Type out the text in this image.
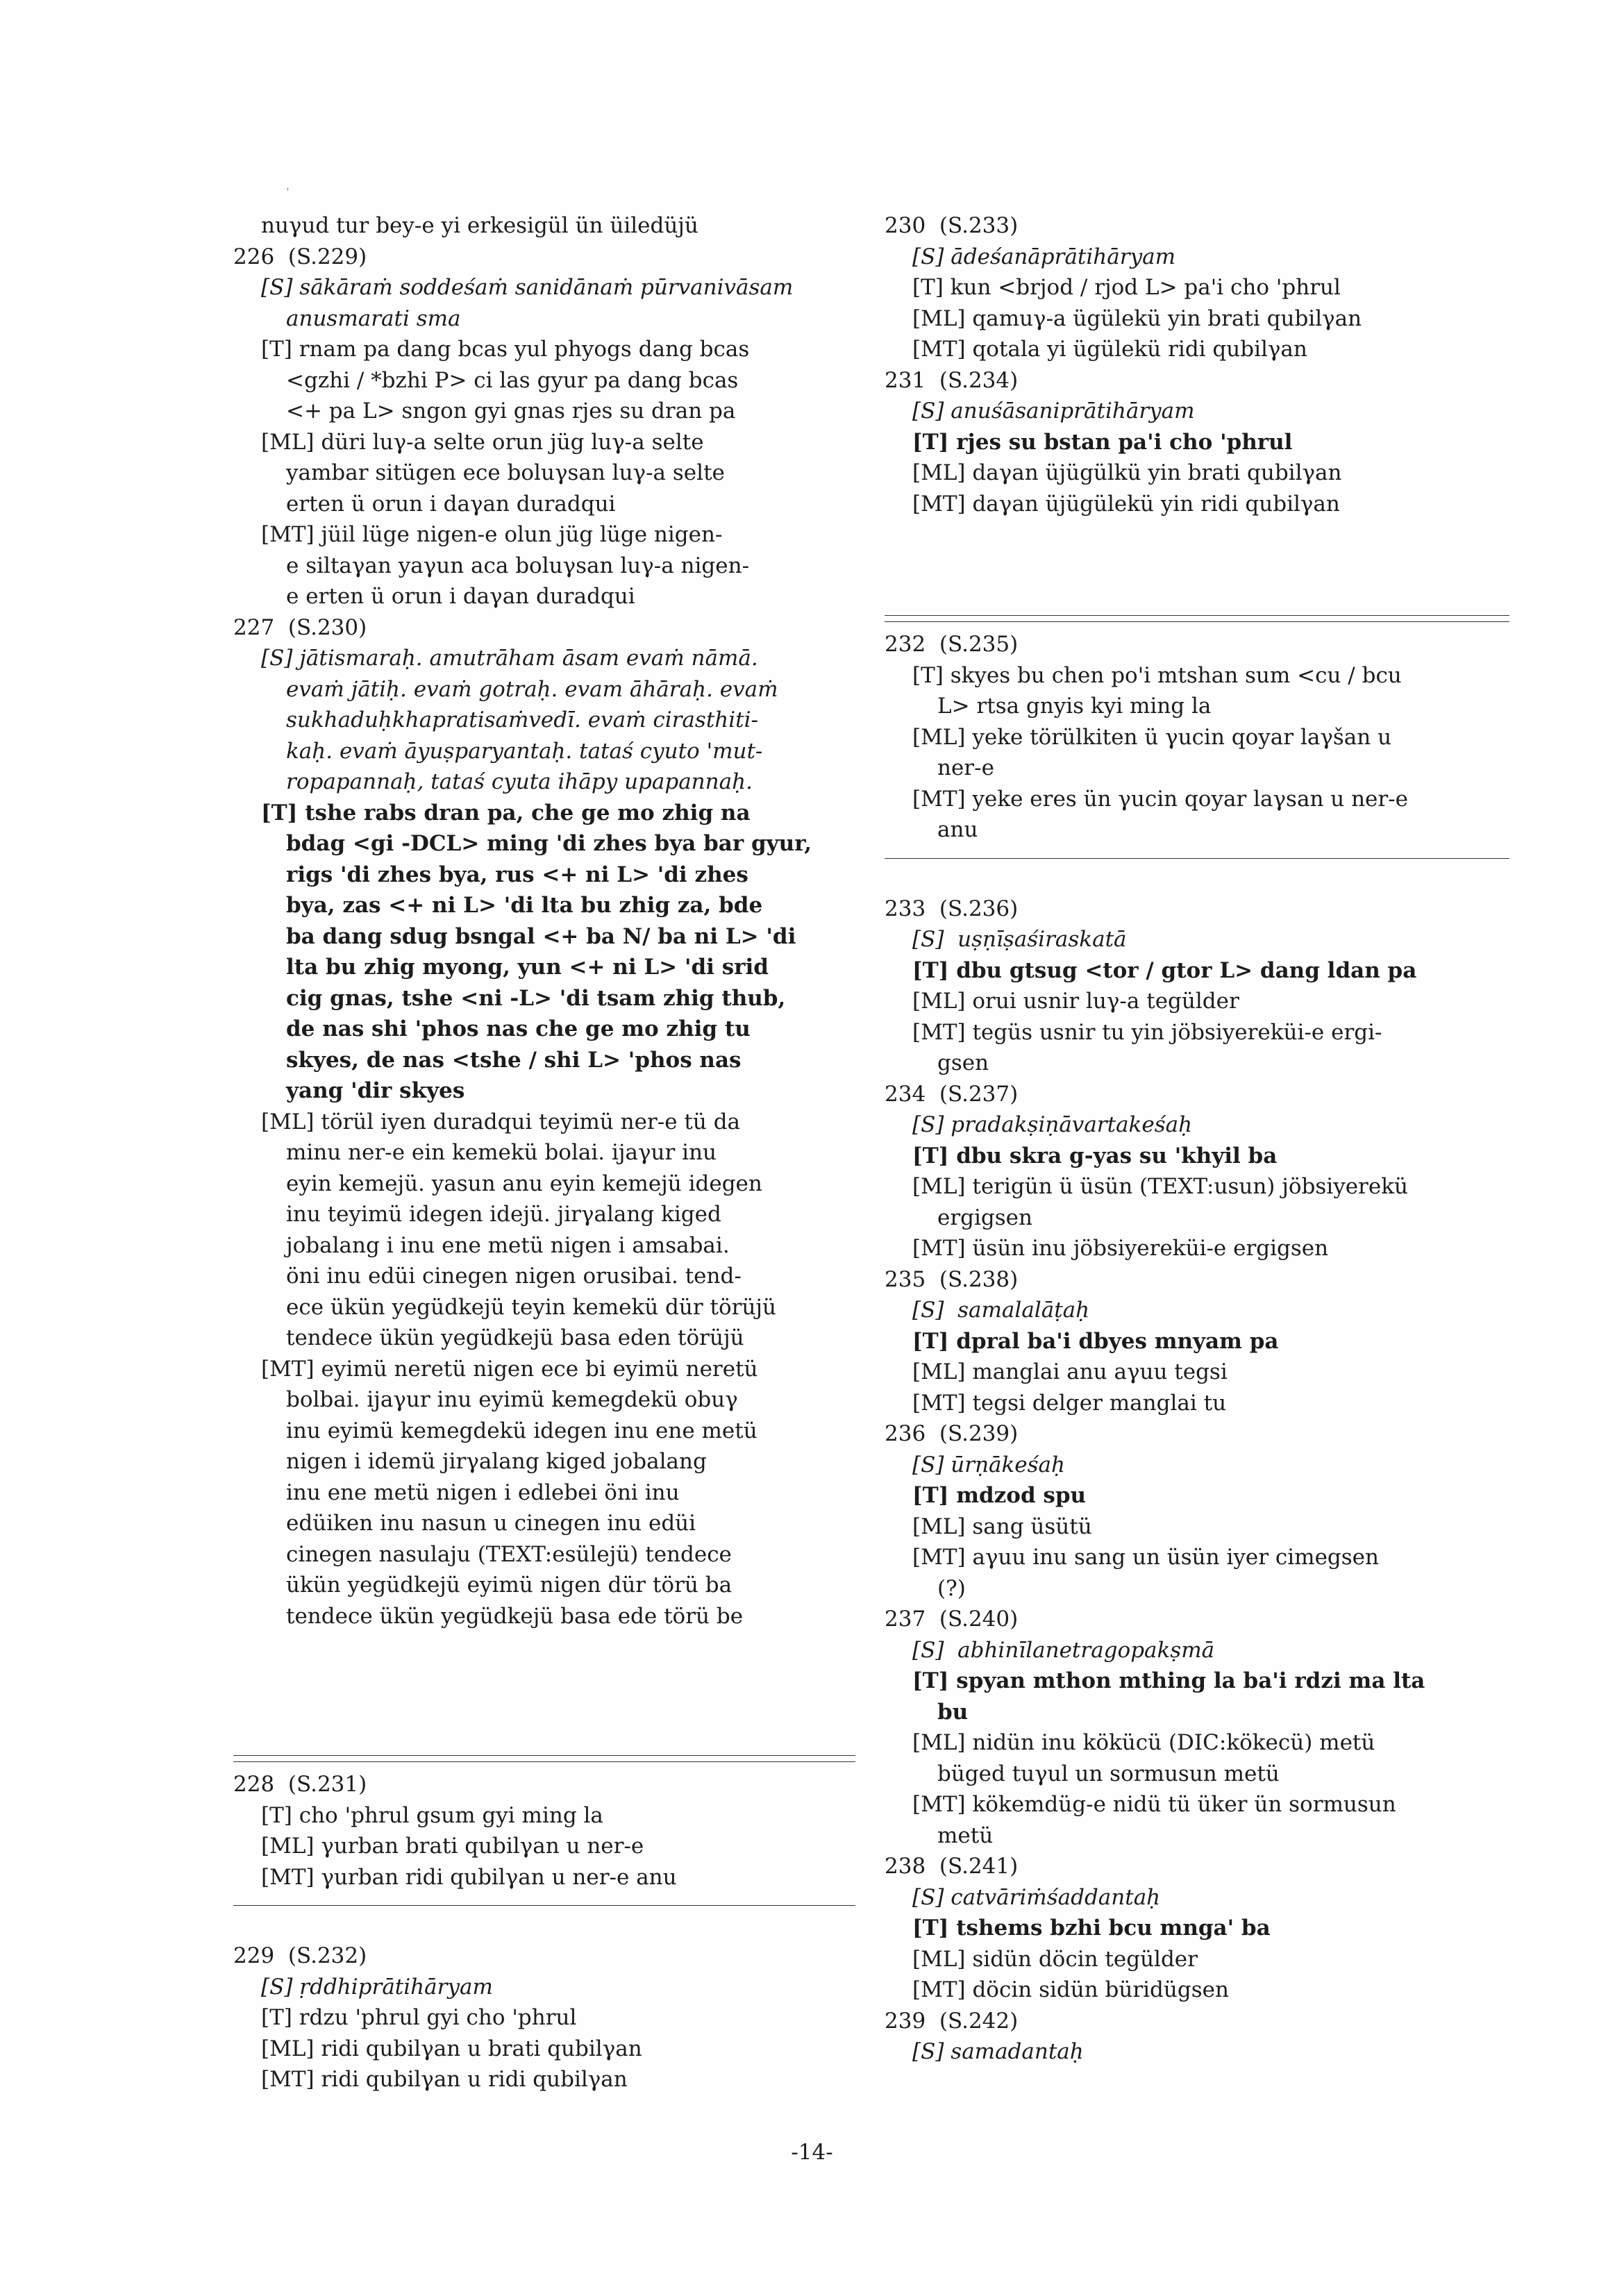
'
nuγud tur bey-e yi erkesigül ün üiledüjü
226  (S.229)
[S] sākāraṁ soddeśaṁ sanidānaṁ pūrvanivāsam
anusmarati sma
[T] rnam pa dang bcas yul phyogs dang bcas
<gzhi / *bzhi P> ci las gyur pa dang bcas
<+ pa L> sngon gyi gnas rjes su dran pa
[ML] düri luγ-a selte orun jüg luγ-a selte
yambar sitügen ece boluγsan luγ-a selte
erten ü orun i daγan duradqui
[MT] jüil lüge nigen-e olun jüg lüge nigen-
e siltaγan yaγun aca boluγsan luγ-a nigen-
e erten ü orun i daγan duradqui
227  (S.230)
[S] jātismaraḥ. amutrāham āsam evaṁ nāmā.
evaṁ jātiḥ. evaṁ gotraḥ. evam āhāraḥ. evaṁ
sukhaduḥkhapratisaṁvedī. evaṁ cirasthiti-
kaḥ. evaṁ āyuṣparyantaḥ. tataś cyuto 'mut-
ropapannaḥ, tataś cyuta ihāpy upapannaḥ.
[T] tshe rabs dran pa, che ge mo zhig na
bdag <gi -DCL> ming 'di zhes bya bar gyur,
rigs 'di zhes bya, rus <+ ni L> 'di zhes
bya, zas <+ ni L> 'di lta bu zhig za, bde
ba dang sdug bsngal <+ ba N/ ba ni L> 'di
lta bu zhig myong, yun <+ ni L> 'di srid
cig gnas, tshe <ni -L> 'di tsam zhig thub,
de nas shi 'phos nas che ge mo zhig tu
skyes, de nas <tshe / shi L> 'phos nas
yang 'dir skyes
[ML] törül iyen duradqui teyimü ner-e tü da
minu ner-e ein kemekü bolai. ijaγur inu
eyin kemejü. yasun anu eyin kemejü idegen
inu teyimü idegen idejü. jirγalang kiged
jobalang i inu ene metü nigen i amsabai.
öni inu edüi cinegen nigen orusibai. tend-
ece ükün yegüdkejü teyin kemekü dür törüjü
tendece ükün yegüdkejü basa eden törüjü
[MT] eyimü neretü nigen ece bi eyimü neretü
bolbai. ijaγur inu eyimü kemegdekü obuγ
inu eyimü kemegdekü idegen inu ene metü
nigen i idemü jirγalang kiged jobalang
inu ene metü nigen i edlebei öni inu
edüiken inu nasun u cinegen inu edüi
cinegen nasulaju (TEXT:esülejü) tendece
ükün yegüdkejü eyimü nigen dür törü ba
tendece ükün yegüdkejü basa ede törü be
228  (S.231)
[T] cho 'phrul gsum gyi ming la
[ML] γurban brati qubilγan u ner-e
[MT] γurban ridi qubilγan u ner-e anu
229  (S.232)
[S] ṛddhiprātihāryam
[T] rdzu 'phrul gyi cho 'phrul
[ML] ridi qubilγan u brati qubilγan
[MT] ridi qubilγan u ridi qubilγan
230  (S.233)
[S] ādeśanāprātihāryam
[T] kun <brjod / rjod L> pa'i cho 'phrul
[ML] qamuγ-a ügülekü yin brati qubilγan
[MT] qotala yi ügülekü ridi qubilγan
231  (S.234)
[S] anuśāsaniprātihāryam
[T] rjes su bstan pa'i cho 'phrul
[ML] daγan üjügülkü yin brati qubilγan
[MT] daγan üjügülekü yin ridi qubilγan
232  (S.235)
[T] skyes bu chen po'i mtshan sum <cu / bcu
L> rtsa gnyis kyi ming la
[ML] yeke törülkiten ü γucin qoyar laγšan u
ner-e
[MT] yeke eres ün γucin qoyar laγsan u ner-e
anu
233  (S.236)
[S]  uṣṇīṣaśiraskatā
[T] dbu gtsug <tor / gtor L> dang ldan pa
[ML] orui usnir luγ-a tegülder
[MT] tegüs usnir tu yin jöbsiyereküi-e ergi-
gsen
234  (S.237)
[S] pradakṣiṇāvartakeśaḥ
[T] dbu skra g-yas su 'khyil ba
[ML] terigün ü üsün (TEXT:usun) jöbsiyerekü
ergigsen
[MT] üsün inu jöbsiyereküi-e ergigsen
235  (S.238)
[S]  samalalāṭaḥ
[T] dpral ba'i dbyes mnyam pa
[ML] manglai anu aγuu tegsi
[MT] tegsi delger manglai tu
236  (S.239)
[S] ūrṇākeśaḥ
[T] mdzod spu
[ML] sang üsütü
[MT] aγuu inu sang un üsün iyer cimegsen
(?)
237  (S.240)
[S]  abhinīlanetragopakṣmā
[T] spyan mthon mthing la ba'i rdzi ma lta
bu
[ML] nidün inu kökücü (DIC:kökecü) metü
büged tuγul un sormusun metü
[MT] kökemdüg-e nidü tü üker ün sormusun
metü
238  (S.241)
[S] catvāriṁśaddantaḥ
[T] tshems bzhi bcu mnga' ba
[ML] sidün döcin tegülder
[MT] döcin sidün büridügsen
239  (S.242)
[S] samadantaḥ
-14-
